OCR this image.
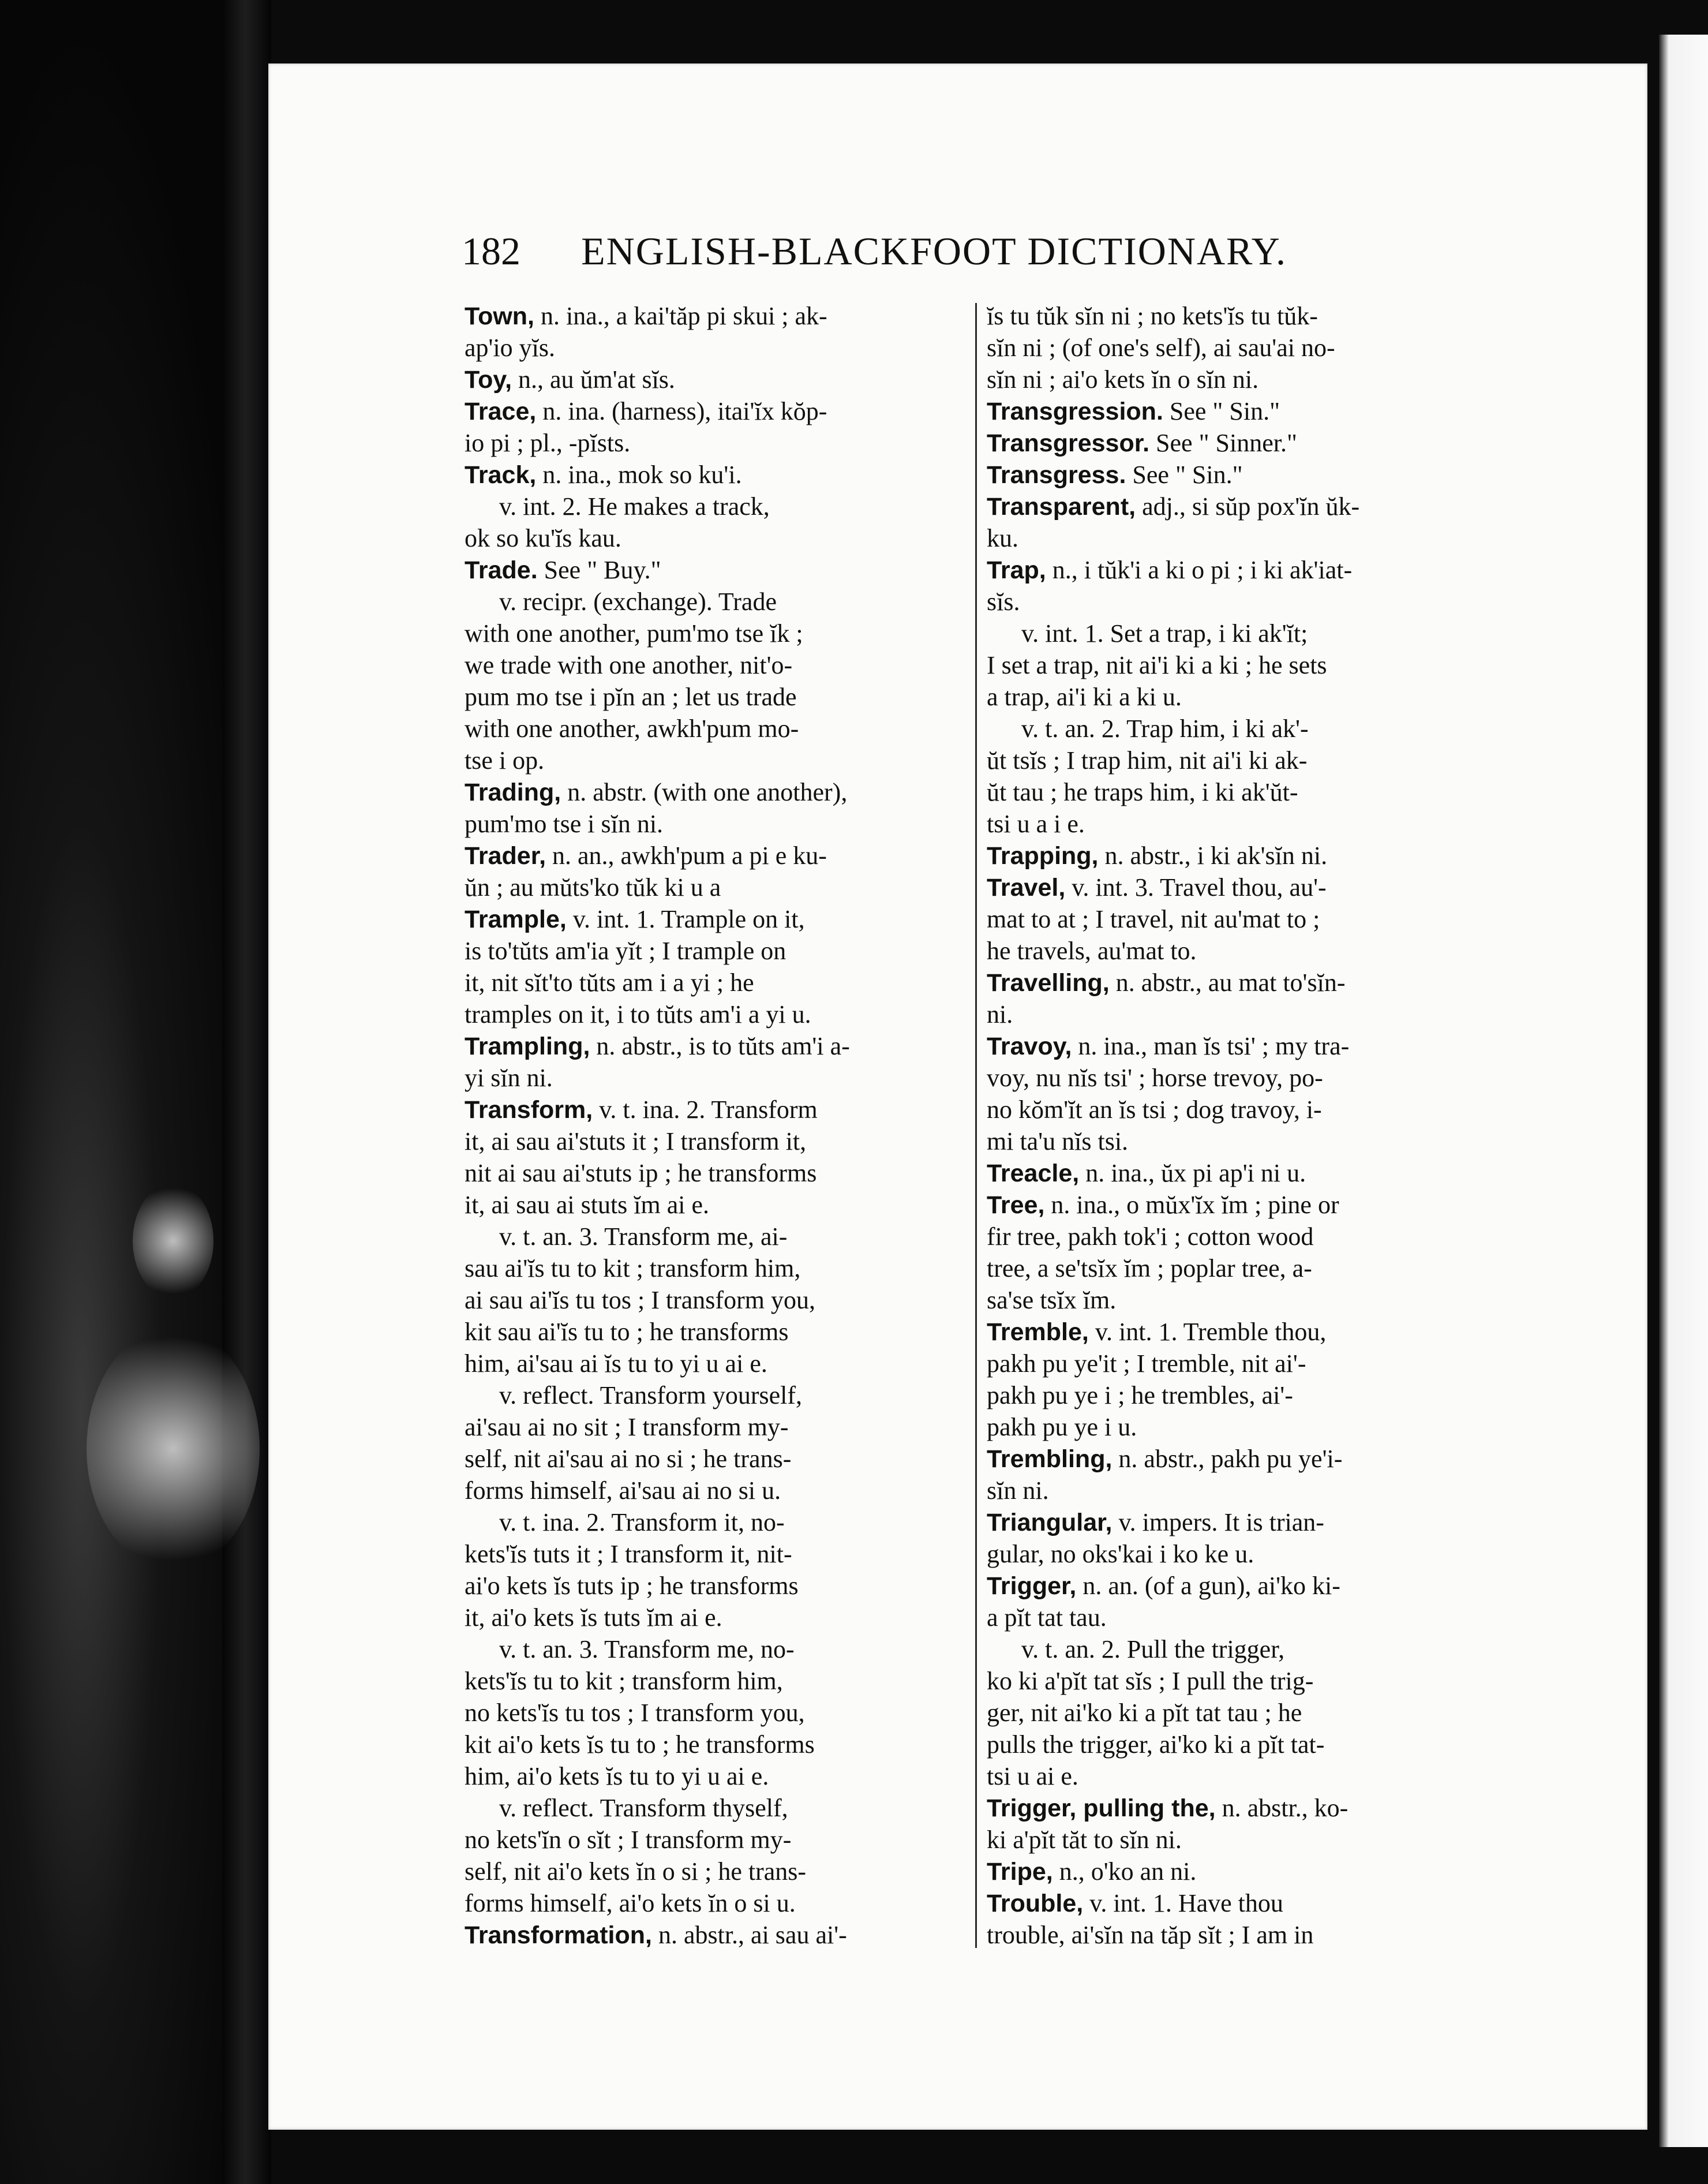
182 ENGLISH-BLACKFOOT DICTIONARY.
Town, n. ina., a kai'tăp pi skui ; ak-
ap'io yĭs.
Toy, n., au ŭm'at sĭs.
Trace, n. ina. (harness), itai'ĭx kŏp-
io pi ; pl., -pĭsts.
Track, n. ina., mok so ku'i.
v. int. 2. He makes a track,
ok so ku'ĭs kau.
Trade. See " Buy."
v. recipr. (exchange). Trade
with one another, pum'mo tse ĭk ;
we trade with one another, nit'o-
pum mo tse i pĭn an ; let us trade
with one another, awkh'pum mo-
tse i op.
Trading, n. abstr. (with one another),
pum'mo tse i sĭn ni.
Trader, n. an., awkh'pum a pi e ku-
ŭn ; au mŭts'ko tŭk ki u a
Trample, v. int. 1. Trample on it,
is to'tŭts am'ia yĭt ; I trample on
it, nit sĭt'to tŭts am i a yi ; he
tramples on it, i to tŭts am'i a yi u.
Trampling, n. abstr., is to tŭts am'i a-
yi sĭn ni.
Transform, v. t. ina. 2. Transform
it, ai sau ai'stuts it ; I transform it,
nit ai sau ai'stuts ip ; he transforms
it, ai sau ai stuts ĭm ai e.
v. t. an. 3. Transform me, ai-
sau ai'ĭs tu to kit ; transform him,
ai sau ai'ĭs tu tos ; I transform you,
kit sau ai'ĭs tu to ; he transforms
him, ai'sau ai ĭs tu to yi u ai e.
v. reflect. Transform yourself,
ai'sau ai no sit ; I transform my-
self, nit ai'sau ai no si ; he trans-
forms himself, ai'sau ai no si u.
v. t. ina. 2. Transform it, no-
kets'ĭs tuts it ; I transform it, nit-
ai'o kets ĭs tuts ip ; he transforms
it, ai'o kets ĭs tuts ĭm ai e.
v. t. an. 3. Transform me, no-
kets'ĭs tu to kit ; transform him,
no kets'ĭs tu tos ; I transform you,
kit ai'o kets ĭs tu to ; he transforms
him, ai'o kets ĭs tu to yi u ai e.
v. reflect. Transform thyself,
no kets'ĭn o sĭt ; I transform my-
self, nit ai'o kets ĭn o si ; he trans-
forms himself, ai'o kets ĭn o si u.
Transformation, n. abstr., ai sau ai'-
ĭs tu tŭk sĭn ni ; no kets'ĭs tu tŭk-
sĭn ni ; (of one's self), ai sau'ai no-
sĭn ni ; ai'o kets ĭn o sĭn ni.
Transgression. See " Sin."
Transgressor. See " Sinner."
Transgress. See " Sin."
Transparent, adj., si sŭp pox'ĭn ŭk-
ku.
Trap, n., i tŭk'i a ki o pi ; i ki ak'iat-
sĭs.
v. int. 1. Set a trap, i ki ak'ĭt;
I set a trap, nit ai'i ki a ki ; he sets
a trap, ai'i ki a ki u.
v. t. an. 2. Trap him, i ki ak'-
ŭt tsĭs ; I trap him, nit ai'i ki ak-
ŭt tau ; he traps him, i ki ak'ŭt-
tsi u a i e.
Trapping, n. abstr., i ki ak'sĭn ni.
Travel, v. int. 3. Travel thou, au'-
mat to at ; I travel, nit au'mat to ;
he travels, au'mat to.
Travelling, n. abstr., au mat to'sĭn-
ni.
Travoy, n. ina., man ĭs tsi' ; my tra-
voy, nu nĭs tsi' ; horse trevoy, po-
no kŏm'ĭt an ĭs tsi ; dog travoy, i-
mi ta'u nĭs tsi.
Treacle, n. ina., ŭx pi ap'i ni u.
Tree, n. ina., o mŭx'ĭx ĭm ; pine or
fir tree, pakh tok'i ; cotton wood
tree, a se'tsĭx ĭm ; poplar tree, a-
sa'se tsĭx ĭm.
Tremble, v. int. 1. Tremble thou,
pakh pu ye'it ; I tremble, nit ai'-
pakh pu ye i ; he trembles, ai'-
pakh pu ye i u.
Trembling, n. abstr., pakh pu ye'i-
sĭn ni.
Triangular, v. impers. It is trian-
gular, no oks'kai i ko ke u.
Trigger, n. an. (of a gun), ai'ko ki-
a pĭt tat tau.
v. t. an. 2. Pull the trigger,
ko ki a'pĭt tat sĭs ; I pull the trig-
ger, nit ai'ko ki a pĭt tat tau ; he
pulls the trigger, ai'ko ki a pĭt tat-
tsi u ai e.
Trigger, pulling the, n. abstr., ko-
ki a'pĭt tăt to sĭn ni.
Tripe, n., o'ko an ni.
Trouble, v. int. 1. Have thou
trouble, ai'sĭn na tăp sĭt ; I am in
